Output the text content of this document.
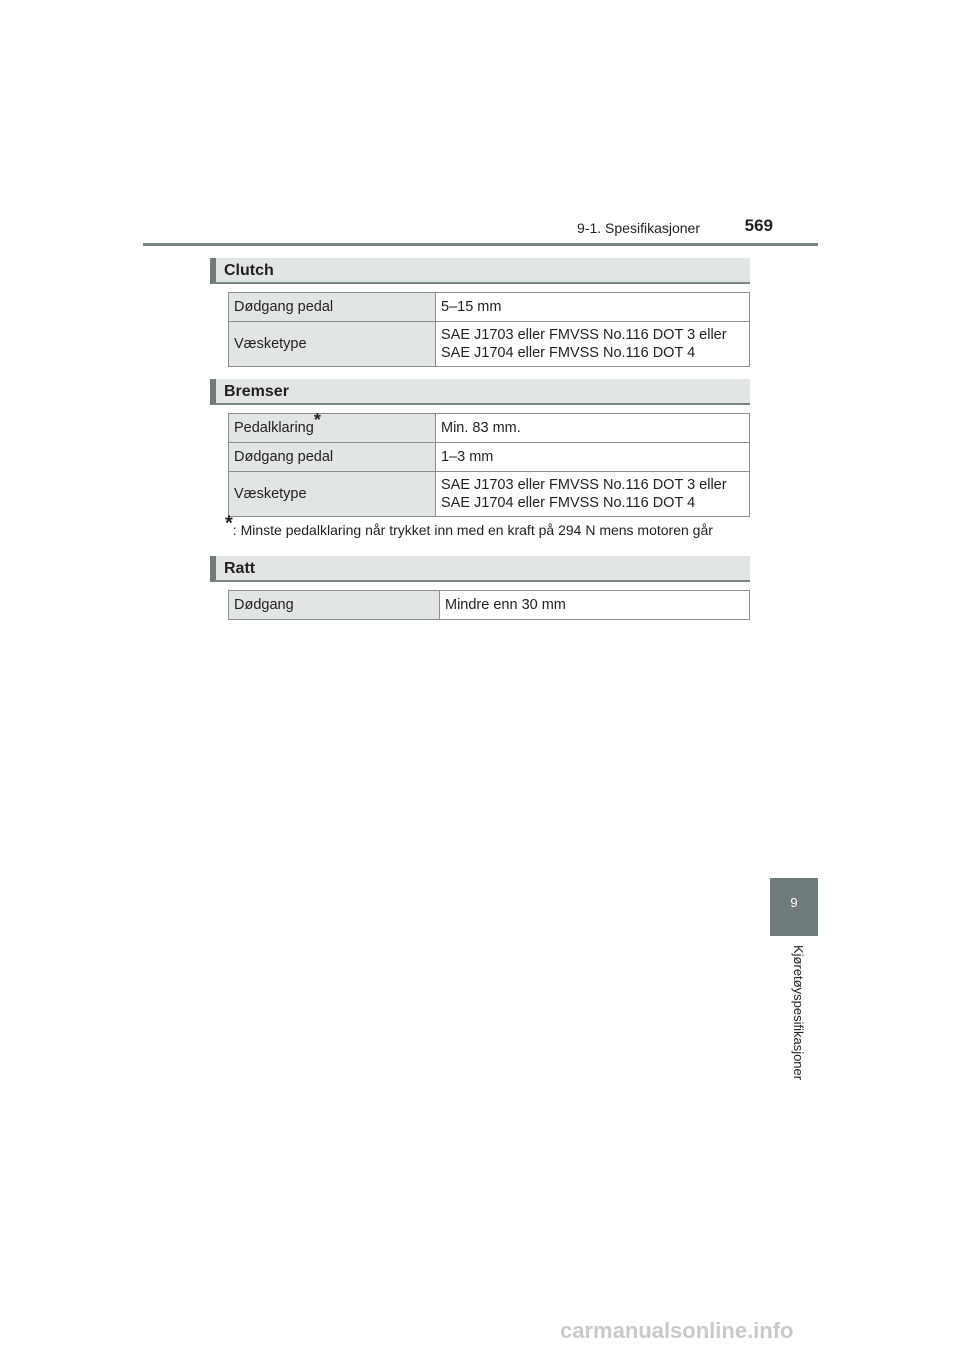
9-1. Spesifikasjoner	569
Clutch
Dødgang pedal	5–15 mm
Væsketype	SAE J1703 eller FMVSS No.116 DOT 3 eller
SAE J1704 eller FMVSS No.116 DOT 4
Bremser
Pedalklaring*	Min. 83 mm.
Dødgang pedal	1–3 mm
Væsketype	SAE J1703 eller FMVSS No.116 DOT 3 eller
SAE J1704 eller FMVSS No.116 DOT 4
*: Minste pedalklaring når trykket inn med en kraft på 294 N mens motoren går
Ratt
Dødgang	Mindre enn 30 mm
9
Kjøretøyspesifikasjoner
carmanualsonline.info
